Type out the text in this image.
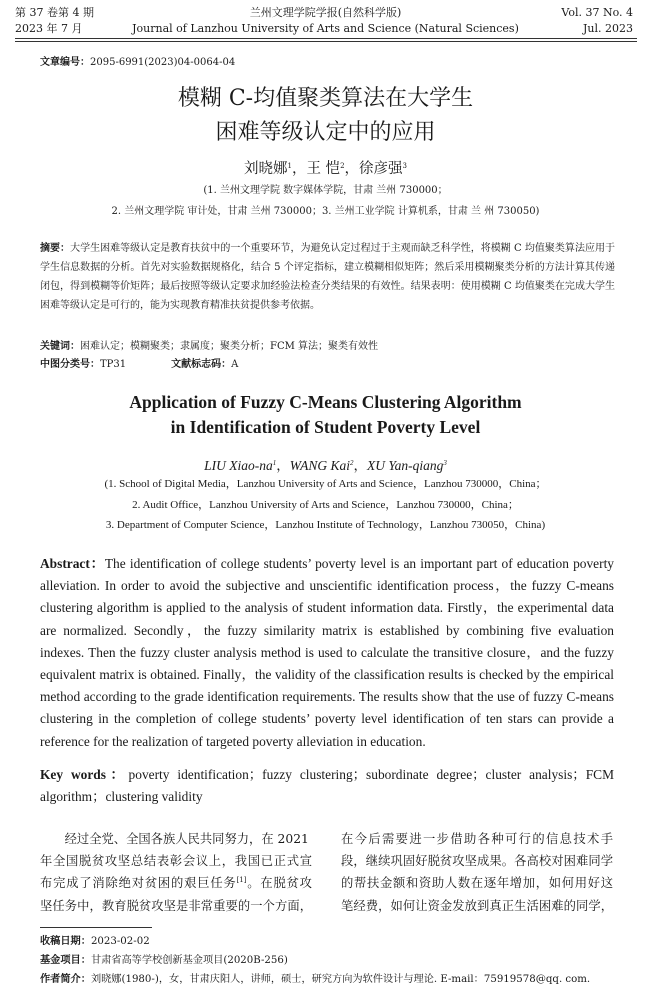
第 37 卷第 4 期
2023 年 7 月
兰州文理学院学报(自然科学版)
Journal of Lanzhou University of Arts and Science (Natural Sciences)
Vol. 37 No. 4
Jul. 2023
文章编号：2095-6991(2023)04-0064-04
模糊 C-均值聚类算法在大学生
困难等级认定中的应用
刘晓娜$^1$，王 恺$^2$，徐彦强$^3$
(1. 兰州文理学院 数字媒体学院，甘肃 兰州 730000；
2. 兰州文理学院 审计处，甘肃 兰州 730000；3. 兰州工业学院 计算机系，甘肃 兰 州 730050)
摘要：大学生困难等级认定是教育扶贫中的一个重要环节，为避免认定过程过于主观而缺乏科学性，将模糊 C 均值聚类算法应用于学生信息数据的分析。首先对实验数据规格化，结合 5 个评定指标，建立模糊相似矩阵；然后采用模糊聚类分析的方法计算其传递闭包，得到模糊等价矩阵；最后按照等级认定要求加经验法检查分类结果的有效性。结果表明：使用模糊 C 均值聚类在完成大学生困难等级认定是可行的，能为实现教育精准扶贫提供参考依据。
关键词：困难认定；模糊聚类；隶属度；聚类分析；FCM 算法；聚类有效性
中图分类号：TP31	文献标志码：A
Application of Fuzzy C-Means Clustering Algorithm
in Identification of Student Poverty Level
LIU Xiao-$na^1$，WANG Kai$^2$，XU Yan-qiang$^3$
(1. School of Digital Media，Lanzhou University of Arts and Science，Lanzhou 730000，China；
2. Audit Office，Lanzhou University of Arts and Science，Lanzhou 730000，China；
3. Department of Computer Science，Lanzhou Institute of Technology，Lanzhou 730050，China)
Abstract：The identification of college students’ poverty level is an important part of education poverty alleviation. In order to avoid the subjective and unscientific identification process，the fuzzy C-means clustering algorithm is applied to the analysis of student information data. Firstly，the experimental data are normalized. Secondly，the fuzzy similarity matrix is established by combining five evaluation indexes. Then the fuzzy cluster analysis method is used to calculate the transitive closure，and the fuzzy equivalent matrix is obtained. Finally，the validity of the classification results is checked by the empirical method according to the grade identification requirements. The results show that the use of fuzzy C-means clustering in the completion of college students’ poverty level identification of ten stars can provide a reference for the realization of targeted poverty alleviation in education.
Key words：poverty identification；fuzzy clustering；subordinate degree；cluster analysis；FCM algorithm；clustering validity
经过全党、全国各族人民共同努力，在 2021
年全国脱贫攻坚总结表彰会议上，我国已正式宣
布完成了消除绝对贫困的艰巨任务[1]。在脱贫攻
坚任务中，教育脱贫攻坚是非常重要的一个方面，
在今后需要进一步借助各种可行的信息技术手
段，继续巩固好脱贫攻坚成果。各高校对困难同学
的帮扶金额和资助人数在逐年增加，如何用好这
笔经费，如何让资金发放到真正生活困难的同学，
收稿日期：2023-02-02
基金项目：甘肃省高等学校创新基金项目(2020B-256)
作者简介：刘晓娜(1980-)，女，甘肃庆阳人，讲师，硕士，研究方向为软件设计与理论. E-mail：75919578@qq. com.
